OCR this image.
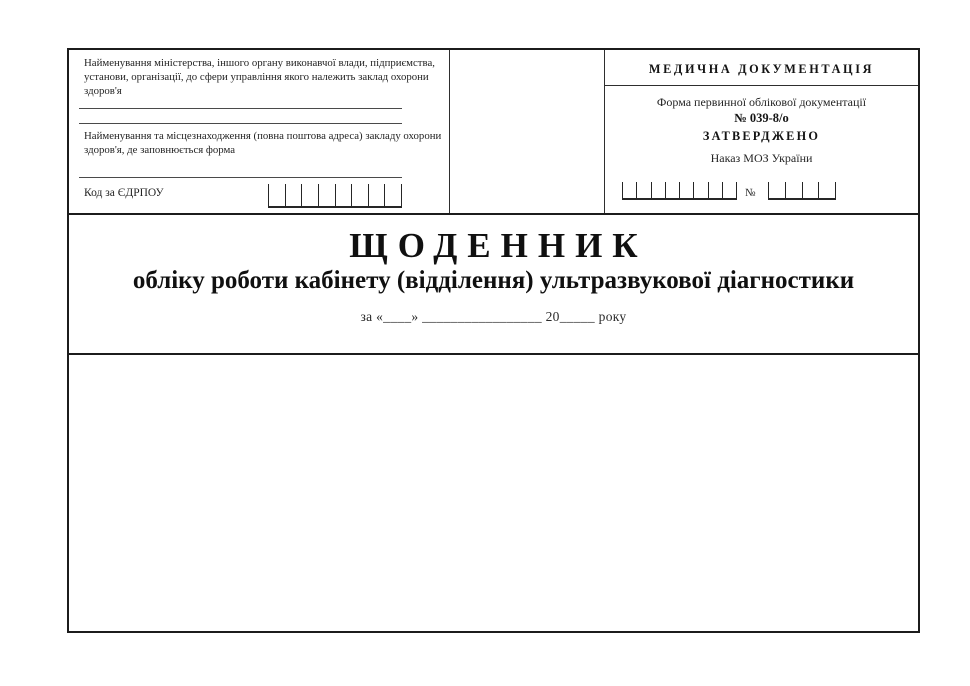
Найменування міністерства, іншого органу виконавчої влади, підприємства, установи, організації, до сфери управління якого належить заклад охорони здоров'я
Найменування та місцезнаходження (повна поштова адреса) закладу охорони здоров'я, де заповнюється форма
Код за ЄДРПОУ
МЕДИЧНА ДОКУМЕНТАЦІЯ
Форма первинної облікової документації
№ 039-8/о
ЗАТВЕРДЖЕНО
Наказ МОЗ України
№
ЩОДЕННИК
обліку роботи кабінету (відділення) ультразвукової діагностики
за «____» _________________ 20_____ року
